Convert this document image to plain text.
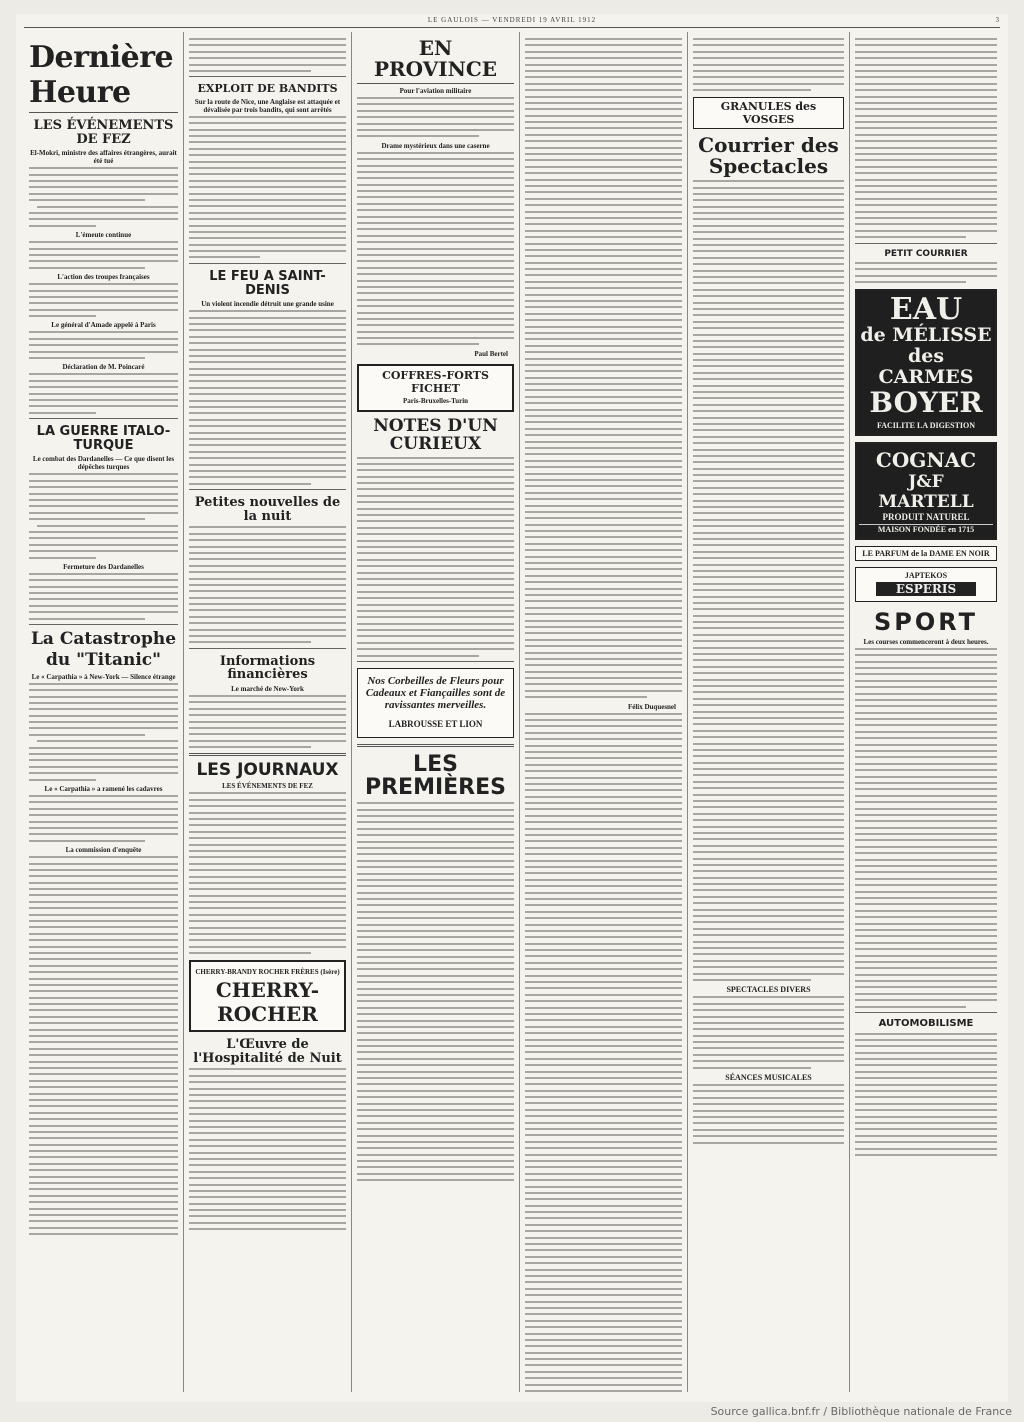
LE GAULOIS — VENDREDI 19 AVRIL 1912	3
Dernière Heure
LES ÉVÉNEMENTS DE FEZ
El-Mokri, ministre des affaires étrangères, aurait été tué
L'émeute continue
L'action des troupes françaises
Le général d'Amade appelé à Paris
Déclaration de M. Poincaré
LA GUERRE ITALO-TURQUE
Le combat des Dardanelles — Ce que disent les dépêches turques
Fermeture des Dardanelles
La Catastrophe
du "Titanic"
Le « Carpathia » à New-York — Silence étrange
Le « Carpathia » a ramené les cadavres
La commission d'enquête
EXPLOIT DE BANDITS
Sur la route de Nice, une Anglaise est attaquée et dévalisée par trois bandits, qui sont arrêtés
LE FEU A SAINT-DENIS
Un violent incendie détruit une grande usine
Petites nouvelles de la nuit
Informations financières
Le marché de New-York
LES JOURNAUX
LES ÉVÉNEMENTS DE FEZ
CHERRY-BRANDY ROCHER FRÈRES (Isère)
CHERRY-ROCHER
L'Œuvre de l'Hospitalité de Nuit
EN PROVINCE
Pour l'aviation militaire
Drame mystérieux dans une caserne
Paul Bertel
COFFRES-FORTS FICHET
Paris-Bruxelles-Turin
NOTES D'UN CURIEUX
Nos Corbeilles de Fleurs pour Cadeaux et Fiançailles sont de ravissantes merveilles.
LABROUSSE ET LION
LES PREMIÈRES
Félix Duquesnel
GRANULES des VOSGES
Courrier des Spectacles
SPECTACLES DIVERS
SÉANCES MUSICALES
PETIT COURRIER
EAU
de MÉLISSE
des CARMES
BOYER
FACILITE LA DIGESTION
COGNAC
J&F MARTELL
PRODUIT NATUREL
MAISON FONDÉE en 1715
LE PARFUM de la DAME EN NOIR
JAPTEKOS
ESPERIS
SPORT
Les courses commenceront à deux heures.
AUTOMOBILISME
Source gallica.bnf.fr / Bibliothèque nationale de France
